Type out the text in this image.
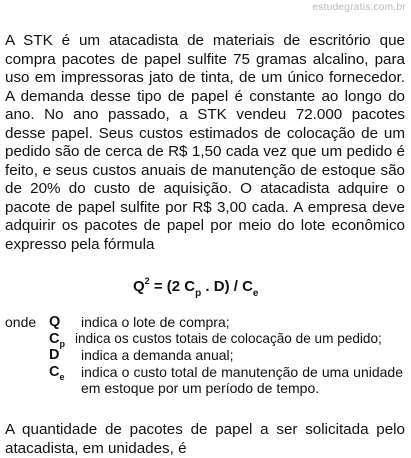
estudegratis.com.br

A STK é um atacadista de materiais de escritório que compra pacotes de papel sulfite 75 gramas alcalino, para uso em impressoras jato de tinta, de um único fornecedor. A demanda desse tipo de papel é constante ao longo do ano. No ano passado, a STK vendeu 72.000 pacotes desse papel. Seus custos estimados de colocação de um pedido são de cerca de R$ 1,50 cada vez que um pedido é feito, e seus custos anuais de manutenção de estoque são de 20% do custo de aquisição. O atacadista adquire o pacote de papel sulfite por R$ 3,00 cada. A empresa deve adquirir os pacotes de papel por meio do lote econômico expresso pela fórmula

$Q^2 = (2$ $C_p$ . $D) / C_e$
onde Q indica o lote de compra;
$C_p$ indica os custos totais de colocação de um pedido;
D indica a demanda anual;
$C_e$ indica o custo total de manutenção de uma unidade em estoque por um período de tempo.

A quantidade de pacotes de papel a ser solicitada pelo atacadista, em unidades, é
